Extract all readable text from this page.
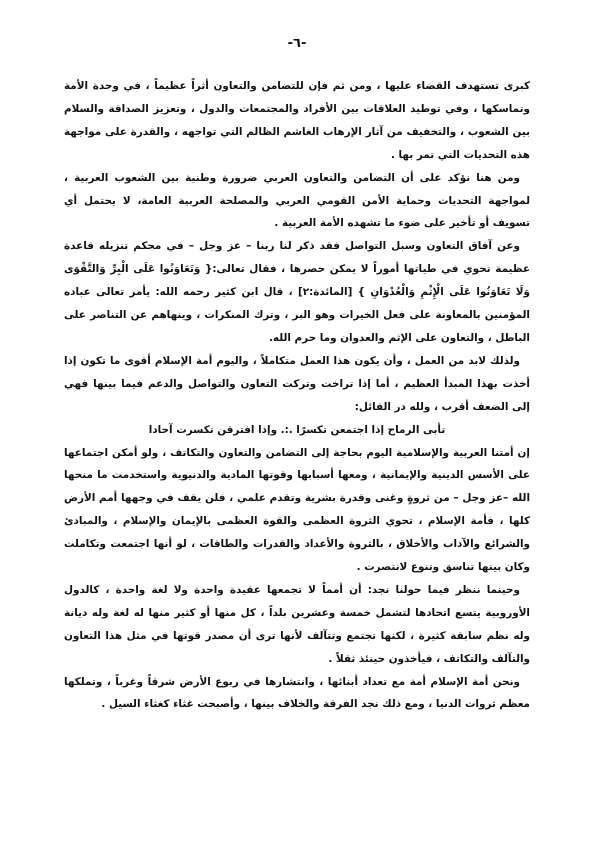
-٦-

كبرى تستهدف القضاء عليها ، ومن ثم فإن للتضامن والتعاون أثراً عظيماً ، في وحدة الأمة وتماسكها ، وفي توطيد العلاقات بين الأفراد والمجتمعات والدول ، وتعزيز الصداقة والسلام بين الشعوب ، والتخفيف من آثار الإرهاب الغاشم الظالم التي تواجهه ، والقدرة على مواجهة هذه التحديات التي تمر بها .

ومن هنا نؤكد على أن التضامن والتعاون العربي ضرورة وطنية بين الشعوب العربية ، لمواجهة التحديات وحماية الأمن القومي العربي والمصلحة العربية العامة، لا يحتمل أي تسويف أو تأخير على ضوء ما تشهده الأمة العربية .

وعن آفاق التعاون وسبل التواصل فقد ذكر لنا ربنا – عز وجل – في محكم تنزيله قاعدة عظيمة تحوي في طياتها أموراً لا يمكن حصرها ، فقال تعالى:{ وَتَعَاوَنُوا عَلَى الْبِرِّ وَالتَّقْوَى وَلَا تَعَاوَنُوا عَلَى الْإِثْمِ وَالْعُدْوَانِ } [المائدة:٢] ، قال ابن كثير رحمه الله: يأمر تعالى عباده المؤمنين بالمعاونة على فعل الخيرات وهو البر ، وترك المنكرات ، وينهاهم عن التناصر على الباطل ، والتعاون على الإثم والعدوان وما حرم الله.

ولذلك لابد من العمل ، وأن يكون هذا العمل متكاملاً ، واليوم أمة الإسلام أقوى ما تكون إذا أخذت بهذا المبدأ العظيم ، أما إذا تراخت وتركت التعاون والتواصل والدعم فيما بينها فهي إلى الضعف أقرب ، ولله در القائل:

تأبى الرماح إذا اجتمعن تكسرًا .:. وإذا افترقن تكسرت آحادا

إن أمتنا العربية والإسلامية اليوم بحاجة إلى التضامن والتعاون والتكاتف ، ولو أمكن اجتماعها على الأسس الدينية والإيمانية ، ومعها أسبابها وقوتها المادية والدنيوية واستخدمت ما منحها الله –عز وجل – من ثروةٍ وغنى وقدرة بشرية وتقدم علمي ، فلن يقف في وجهها أمم الأرض كلها ، فأمة الإسلام ، تحوي الثروة العظمى والقوة العظمى بالإيمان والإسلام ، والمبادئ والشرائع والآداب والأخلاق ، بالثروة والأعداد والقدرات والطاقات ، لو أنها اجتمعت وتكاملت وكان بينها تناسق وتنوع لانتصرت .

وحينما ننظر فيما حولنا نجد: أن أمماً لا تجمعها عقيدة واحدة ولا لغة واحدة ، كالدول الأوروبية يتسع اتحادها لتشمل خمسة وعشرين بلداً ، كل منها أو كثير منها له لغة وله ديانة وله نظم سابقة كثيرة ، لكنها تجتمع وتتآلف لأنها ترى أن مصدر قوتها في مثل هذا التعاون والتآلف والتكاتف ، فيأخذون حينئذ ثقلاً .

ونحن أمة الإسلام أمة مع تعداد أبنائها ، وانتشارها في ربوع الأرض شرقاً وغرباً ، وتملكها معظم ثروات الدنيا ، ومع ذلك نجد الفرقة والخلاف بينها ، وأصبحت غثاء كغثاء السيل .
